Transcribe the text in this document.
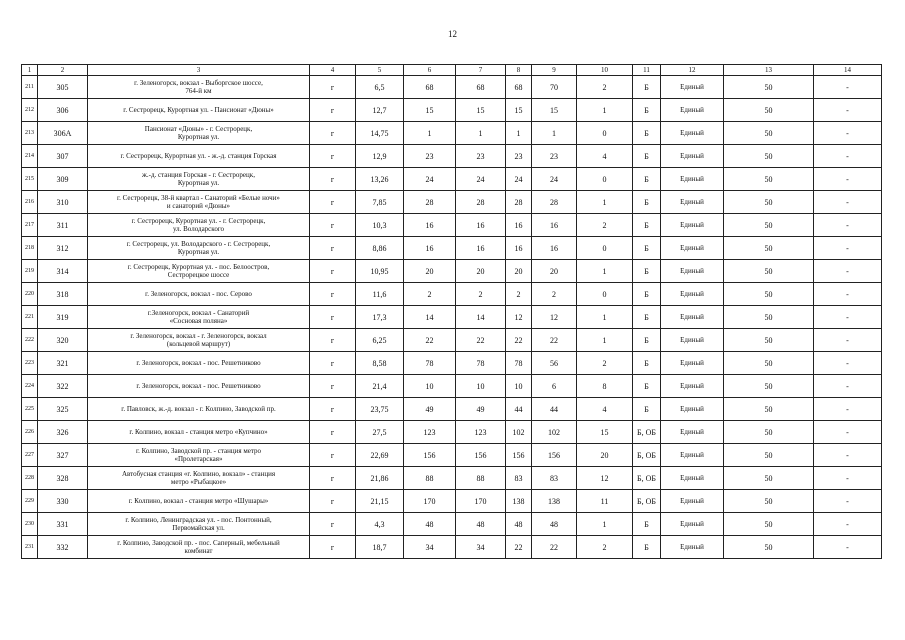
12
1	2	3	4	5	6	7	8	9	10	11	12	13	14
211	305	г. Зеленогорск, вокзал - Выборгское шоссе,
764-й км	г	6,5	68	68	68	70	2	Б	Единый	50	-
212	306	г. Сестрорецк, Курортная ул. - Пансионат «Дюны»	г	12,7	15	15	15	15	1	Б	Единый	50	-
213	306А	Пансионат «Дюны» - г. Сестрорецк,
Курортная ул.	г	14,75	1	1	1	1	0	Б	Единый	50	-
214	307	г. Сестрорецк, Курортная ул. - ж.-д. станция Горская	г	12,9	23	23	23	23	4	Б	Единый	50	-
215	309	ж.-д. станция Горская - г. Сестрорецк,
Курортная ул.	г	13,26	24	24	24	24	0	Б	Единый	50	-
216	310	г. Сестрорецк, 38-й квартал - Санаторий «Белые ночи»
и санаторий «Дюны»	г	7,85	28	28	28	28	1	Б	Единый	50	-
217	311	г. Сестрорецк, Курортная ул. - г. Сестрорецк,
ул. Володарского	г	10,3	16	16	16	16	2	Б	Единый	50	-
218	312	г. Сестрорецк, ул. Володарского - г. Сестрорецк,
Курортная ул.	г	8,86	16	16	16	16	0	Б	Единый	50	-
219	314	г. Сестрорецк, Курортная ул. - пос. Белоостров,
Сестрорецкое шоссе	г	10,95	20	20	20	20	1	Б	Единый	50	-
220	318	г. Зеленогорск, вокзал - пос. Серово	г	11,6	2	2	2	2	0	Б	Единый	50	-
221	319	г.Зеленогорск, вокзал - Санаторий
«Сосновая поляна»	г	17,3	14	14	12	12	1	Б	Единый	50	-
222	320	г. Зеленогорск, вокзал - г. Зеленогорск, вокзал
(кольцевой маршрут)	г	6,25	22	22	22	22	1	Б	Единый	50	-
223	321	г. Зеленогорск, вокзал - пос. Решетниково	г	8,58	78	78	78	56	2	Б	Единый	50	-
224	322	г. Зеленогорск, вокзал - пос. Решетниково	г	21,4	10	10	10	6	8	Б	Единый	50	-
225	325	г. Павловск, ж.-д. вокзал - г. Колпино, Заводской пр.	г	23,75	49	49	44	44	4	Б	Единый	50	-
226	326	г. Колпино, вокзал - станция метро «Купчино»	г	27,5	123	123	102	102	15	Б, ОБ	Единый	50	-
227	327	г. Колпино, Заводской пр. - станция метро
«Пролетарская»	г	22,69	156	156	156	156	20	Б, ОБ	Единый	50	-
228	328	Автобусная станция «г. Колпино, вокзал» - станция
метро «Рыбацкое»	г	21,86	88	88	83	83	12	Б, ОБ	Единый	50	-
229	330	г. Колпино, вокзал - станция метро «Шушары»	г	21,15	170	170	138	138	11	Б, ОБ	Единый	50	-
230	331	г. Колпино, Ленинградская ул. - пос. Понтонный,
Первомайская ул.	г	4,3	48	48	48	48	1	Б	Единый	50	-
231	332	г. Колпино, Заводской пр. - пос. Саперный, мебельный
комбинат	г	18,7	34	34	22	22	2	Б	Единый	50	-
